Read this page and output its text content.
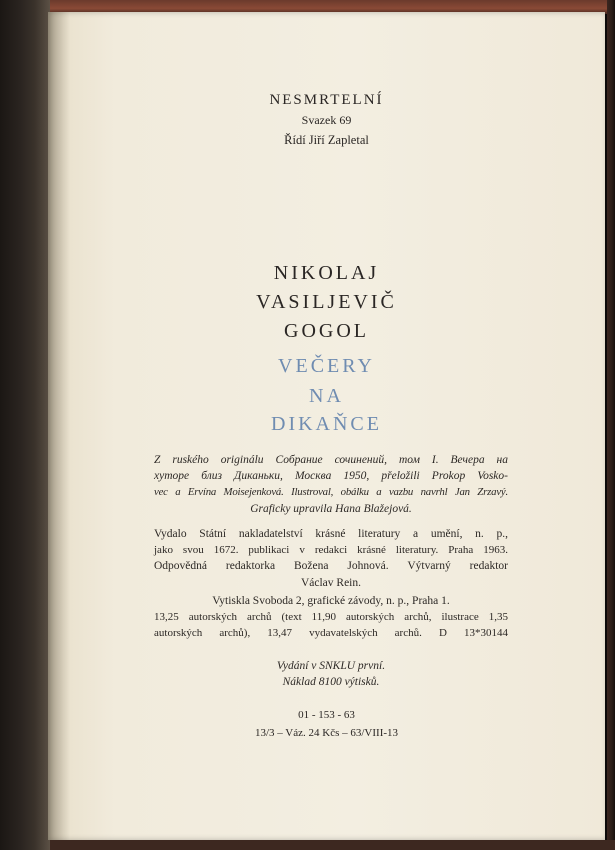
NESMRTELNÍ
Svazek 69
Řídí Jiří Zapletal
NIKOLAJ
VASILJEVIČ
GOGOL
VEČERY
NA
DIKAŇCE
Z ruského originálu Собрание сочинений, том I. Вечера на
хуторе близ Диканьки, Москва 1950, přeložili Prokop Vosko-
vec a Ervína Moisejenková. Ilustroval, obálku a vazbu navrhl Jan Zrzavý.
Graficky upravila Hana Blažejová.
Vydalo Státní nakladatelství krásné literatury a umění, n. p.,
jako svou 1672. publikaci v redakci krásné literatury. Praha 1963.
Odpovědná redaktorka Božena Johnová. Výtvarný redaktor
Václav Rein.
Vytiskla Svoboda 2, grafické závody, n. p., Praha 1.
13,25 autorských archů (text 11,90 autorských archů, ilustrace 1,35
autorských archů), 13,47 vydavatelských archů. D 13*30144
Vydání v SNKLU první.
Náklad 8100 výtisků.
01 - 153 - 63
13/3 – Váz. 24 Kčs – 63/VIII-13
